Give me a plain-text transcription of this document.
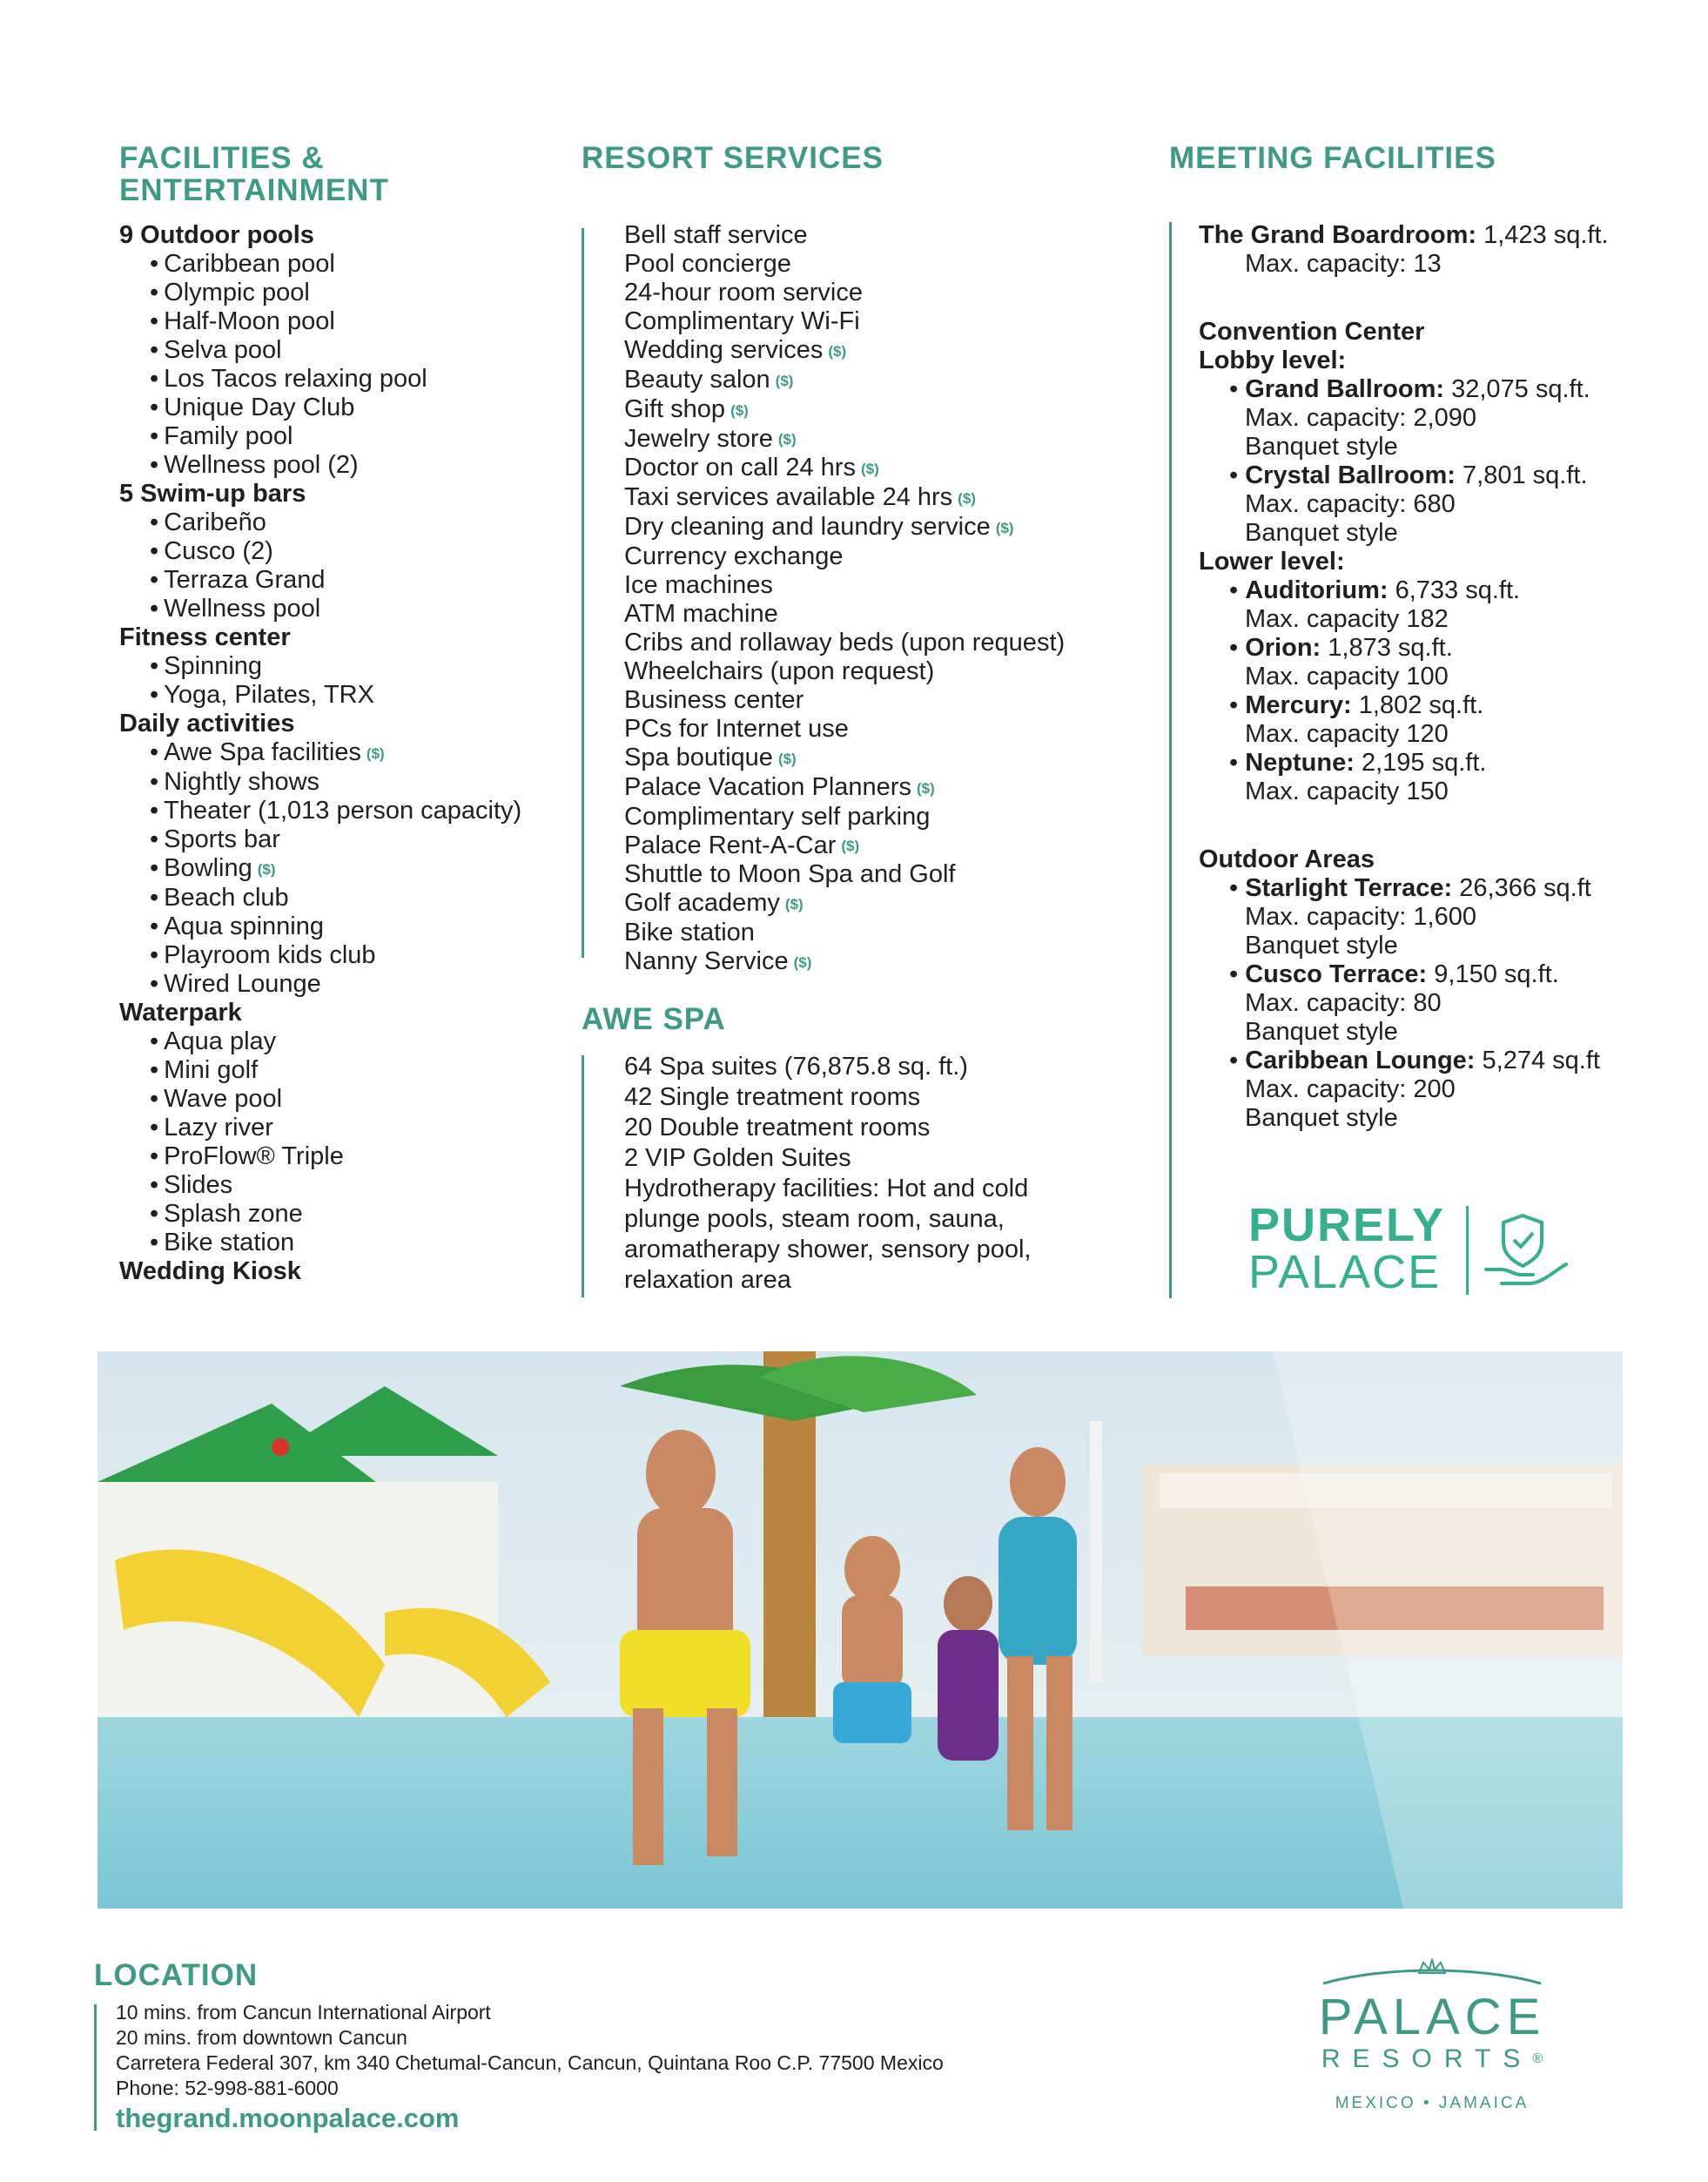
FACILITIES &
ENTERTAINMENT
9 Outdoor pools
• Caribbean pool
• Olympic pool
• Half-Moon pool
• Selva pool
• Los Tacos relaxing pool
• Unique Day Club
• Family pool
• Wellness pool (2)
5 Swim-up bars
• Caribeño
• Cusco (2)
• Terraza Grand
• Wellness pool
Fitness center
• Spinning
• Yoga, Pilates, TRX
Daily activities
• Awe Spa facilities ($)
• Nightly shows
• Theater (1,013 person capacity)
• Sports bar
• Bowling ($)
• Beach club
• Aqua spinning
• Playroom kids club
• Wired Lounge
Waterpark
• Aqua play
• Mini golf
• Wave pool
• Lazy river
• ProFlow® Triple
• Slides
• Splash zone
• Bike station
Wedding Kiosk
RESORT SERVICES
Bell staff service
Pool concierge
24-hour room service
Complimentary Wi-Fi
Wedding services ($)
Beauty salon ($)
Gift shop ($)
Jewelry store ($)
Doctor on call 24 hrs ($)
Taxi services available 24 hrs ($)
Dry cleaning and laundry service ($)
Currency exchange
Ice machines
ATM machine
Cribs and rollaway beds (upon request)
Wheelchairs (upon request)
Business center
PCs for Internet use
Spa boutique ($)
Palace Vacation Planners ($)
Complimentary self parking
Palace Rent-A-Car ($)
Shuttle to Moon Spa and Golf
Golf academy ($)
Bike station
Nanny Service ($)
AWE SPA
64 Spa suites (76,875.8 sq. ft.)
42 Single treatment rooms
20 Double treatment rooms
2 VIP Golden Suites
Hydrotherapy facilities: Hot and cold
plunge pools, steam room, sauna,
aromatherapy shower, sensory pool,
relaxation area
MEETING FACILITIES
The Grand Boardroom: 1,423 sq.ft.
Max. capacity: 13
Convention Center
Lobby level:
• Grand Ballroom: 32,075 sq.ft.
Max. capacity: 2,090
Banquet style
• Crystal Ballroom: 7,801 sq.ft.
Max. capacity: 680
Banquet style
Lower level:
• Auditorium: 6,733 sq.ft.
Max. capacity 182
• Orion: 1,873 sq.ft.
Max. capacity 100
• Mercury: 1,802 sq.ft.
Max. capacity 120
• Neptune: 2,195 sq.ft.
Max. capacity 150
Outdoor Areas
• Starlight Terrace: 26,366 sq.ft
Max. capacity: 1,600
Banquet style
• Cusco Terrace: 9,150 sq.ft.
Max. capacity: 80
Banquet style
• Caribbean Lounge: 5,274 sq.ft
Max. capacity: 200
Banquet style
PURELY
PALACE
LOCATION
10 mins. from Cancun International Airport
20 mins. from downtown Cancun
Carretera Federal 307, km 340 Chetumal-Cancun, Cancun, Quintana Roo C.P. 77500 Mexico
Phone: 52-998-881-6000
thegrand.moonpalace.com
PALACE
RESORTS®
MEXICO • JAMAICA
